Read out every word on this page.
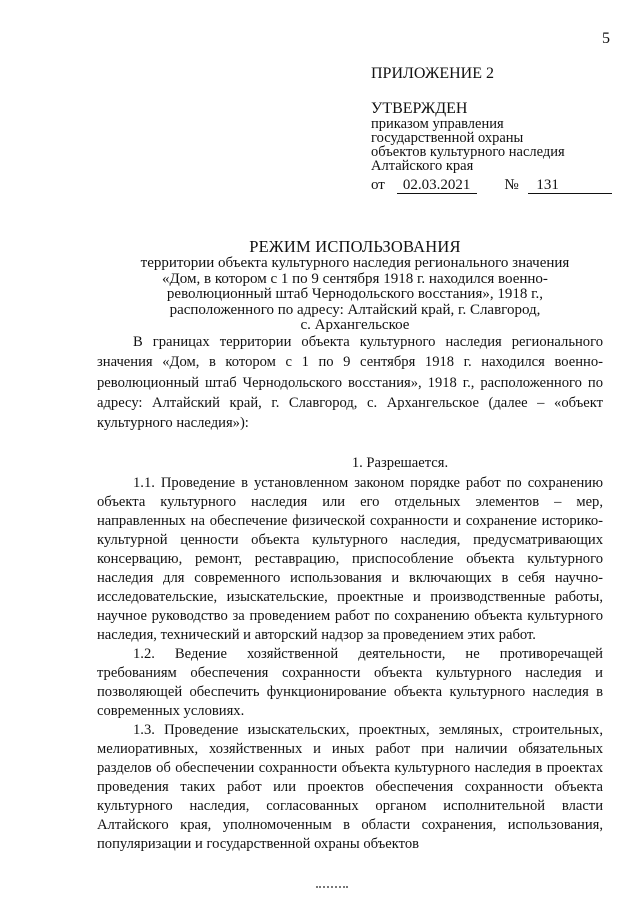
5
ПРИЛОЖЕНИЕ 2
УТВЕРЖДЕН
приказом управления
государственной охраны
объектов культурного наследия
Алтайского края
от 02.03.2021 № 131
РЕЖИМ ИСПОЛЬЗОВАНИЯ
территории объекта культурного наследия регионального значения
«Дом, в котором с 1 по 9 сентября 1918 г. находился военно-
революционный штаб Чернодольского восстания», 1918 г.,
расположенного по адресу: Алтайский край, г. Славгород,
с. Архангельское

В границах территории объекта культурного наследия регионального значения «Дом, в котором с 1 по 9 сентября 1918 г. находился военно-революционный штаб Чернодольского восстания», 1918 г., расположенного по адресу: Алтайский край, г. Славгород, с. Архангельское (далее – «объект культурного наследия»):

1. Разрешается.

1.1. Проведение в установленном законом порядке работ по сохранению объекта культурного наследия или его отдельных элементов – мер, направленных на обеспечение физической сохранности и сохранение историко-культурной ценности объекта культурного наследия, предусматривающих консервацию, ремонт, реставрацию, приспособление объекта культурного наследия для современного использования и включающих в себя научно-исследовательские, изыскательские, проектные и производственные работы, научное руководство за проведением работ по сохранению объекта культурного наследия, технический и авторский надзор за проведением этих работ.

1.2. Ведение хозяйственной деятельности, не противоречащей требованиям обеспечения сохранности объекта культурного наследия и позволяющей обеспечить функционирование объекта культурного наследия в современных условиях.

1.3. Проведение изыскательских, проектных, земляных, строительных, мелиоративных, хозяйственных и иных работ при наличии обязательных разделов об обеспечении сохранности объекта культурного наследия в проектах проведения таких работ или проектов обеспечения сохранности объекта культурного наследия, согласованных органом исполнительной власти Алтайского края, уполномоченным в области сохранения, использования, популяризации и государственной охраны объектов
